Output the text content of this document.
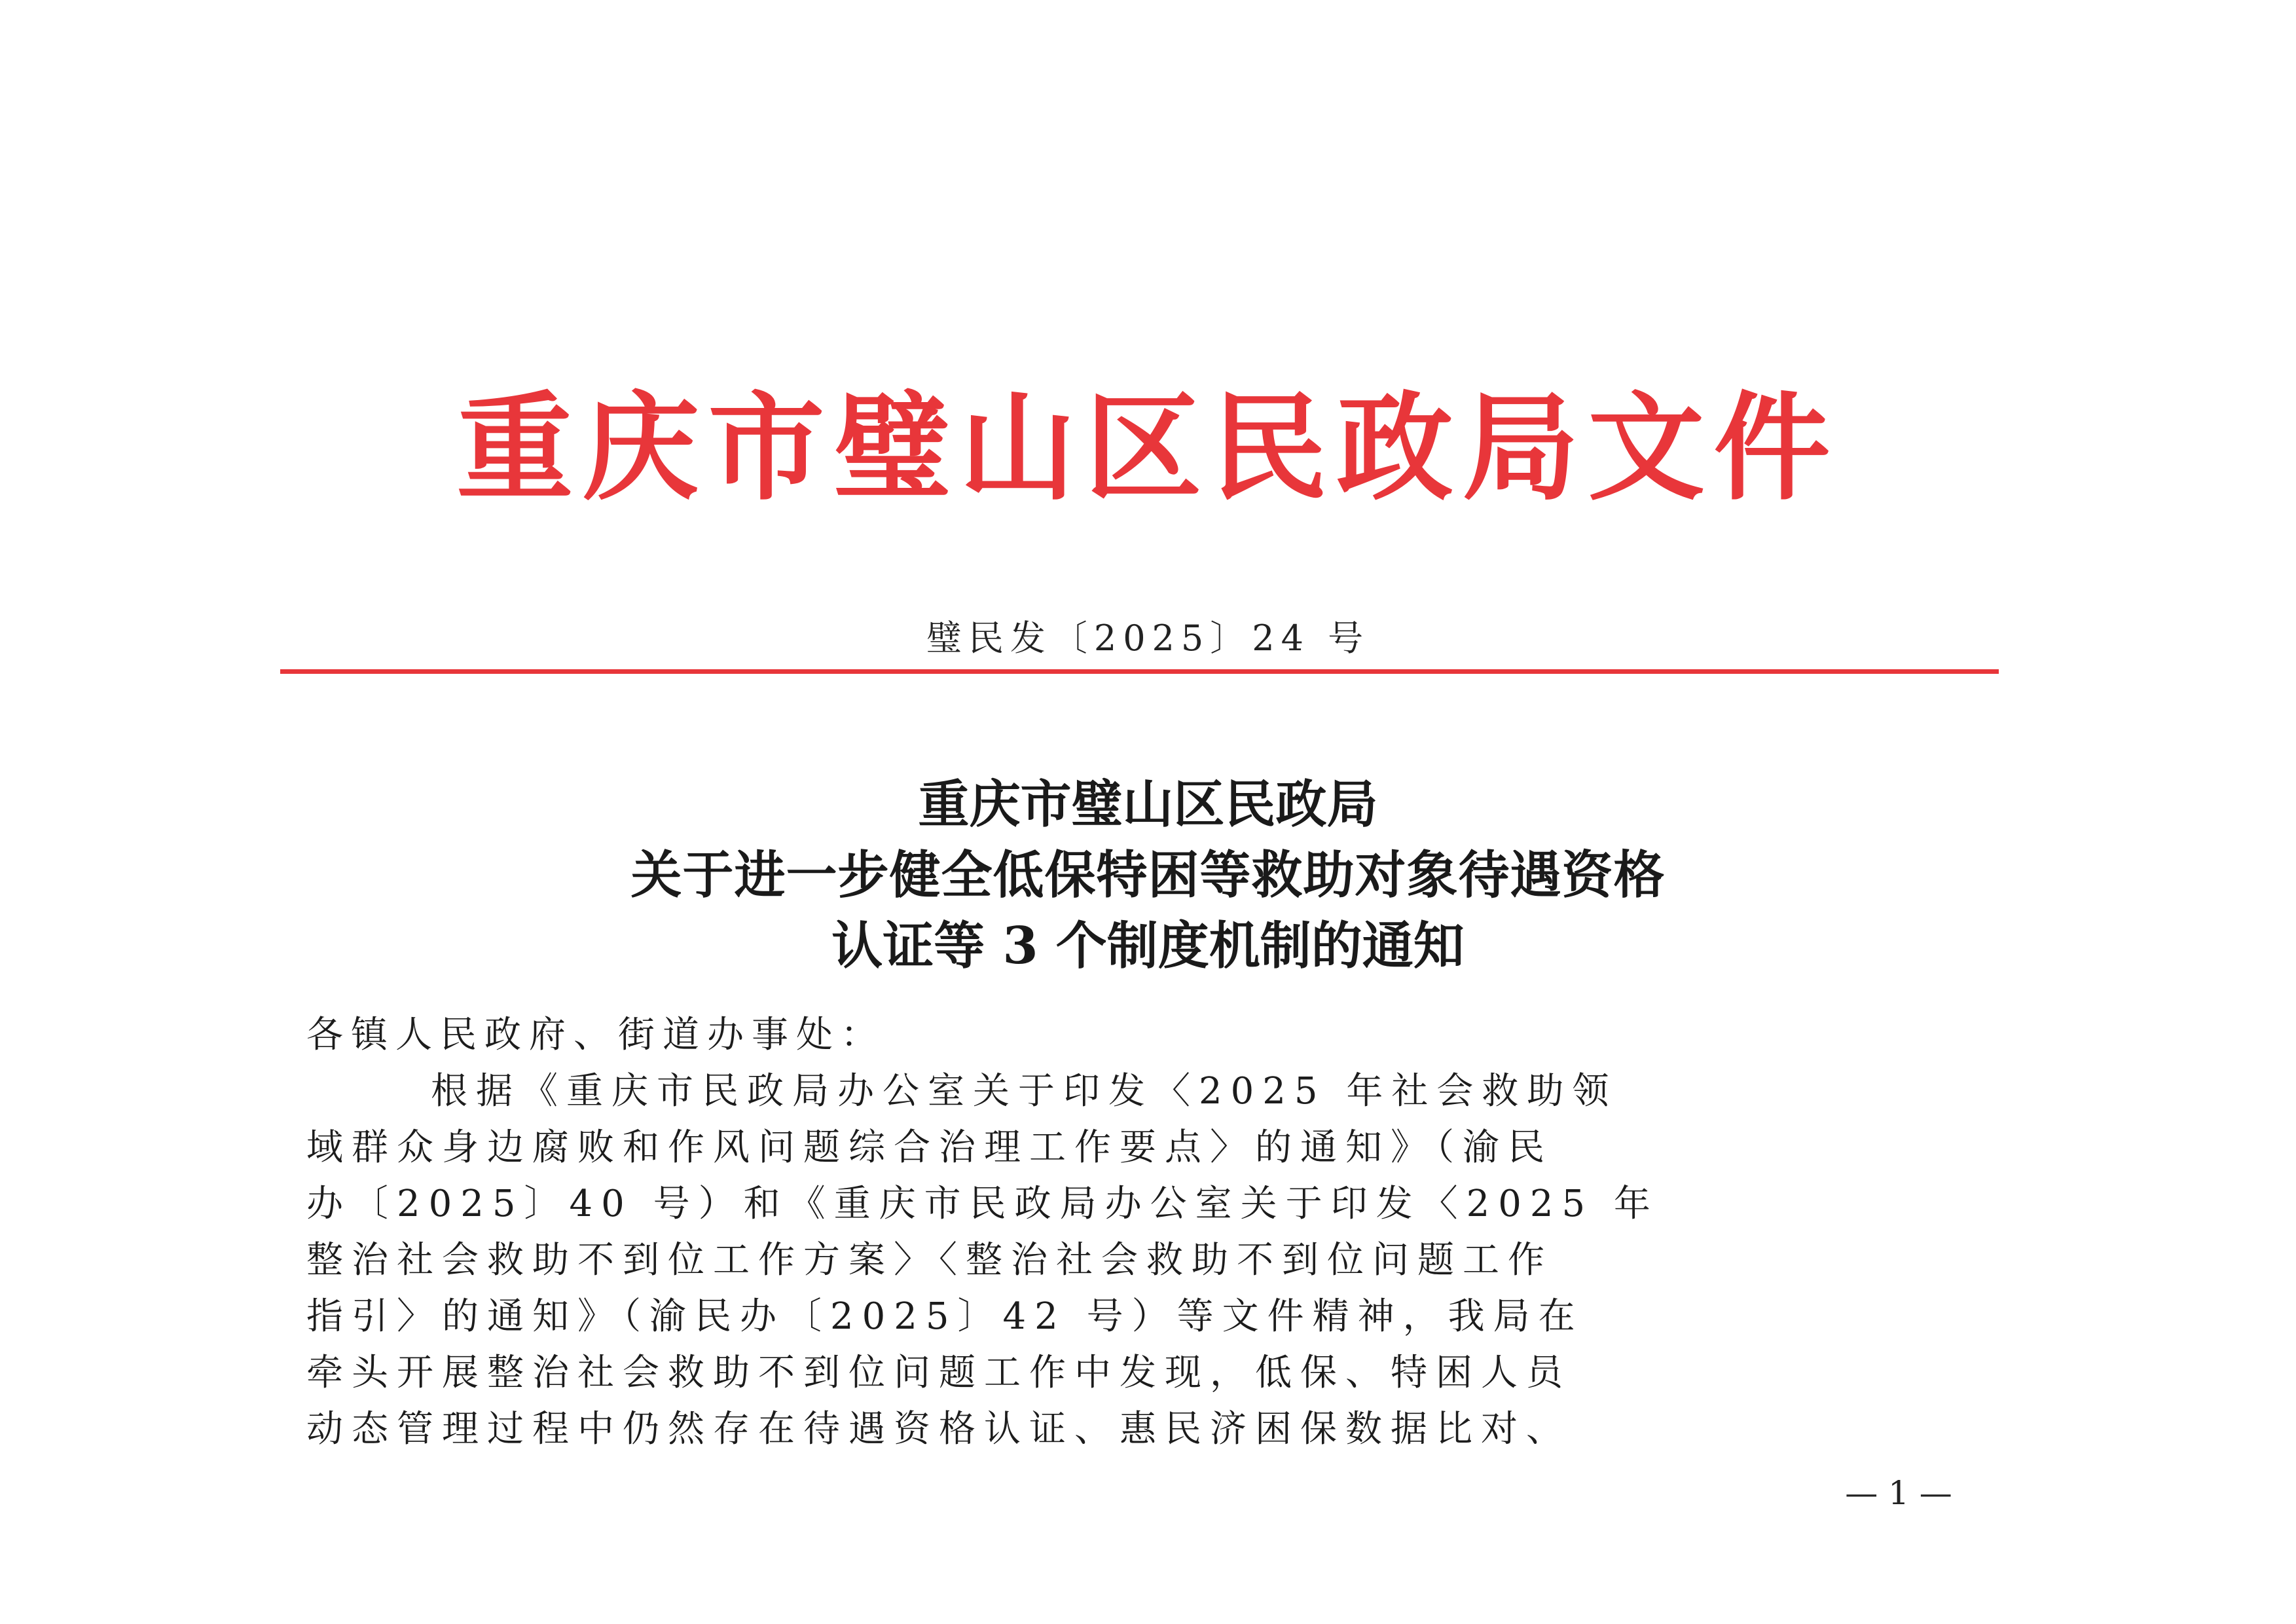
重庆市璧山区民政局文件
璧民发〔2025〕24 号
重庆市璧山区民政局
关于进一步健全低保特困等救助对象待遇资格
认证等 3 个制度机制的通知
各镇人民政府、街道办事处：
根据《重庆市民政局办公室关于印发〈2025 年社会救助领
域群众身边腐败和作风问题综合治理工作要点〉的通知》（渝民
办〔2025〕40 号）和《重庆市民政局办公室关于印发〈2025 年
整治社会救助不到位工作方案〉〈整治社会救助不到位问题工作
指引〉的通知》（渝民办〔2025〕42 号）等文件精神，我局在
牵头开展整治社会救助不到位问题工作中发现，低保、特困人员
动态管理过程中仍然存在待遇资格认证、惠民济困保数据比对、
— 1 —
